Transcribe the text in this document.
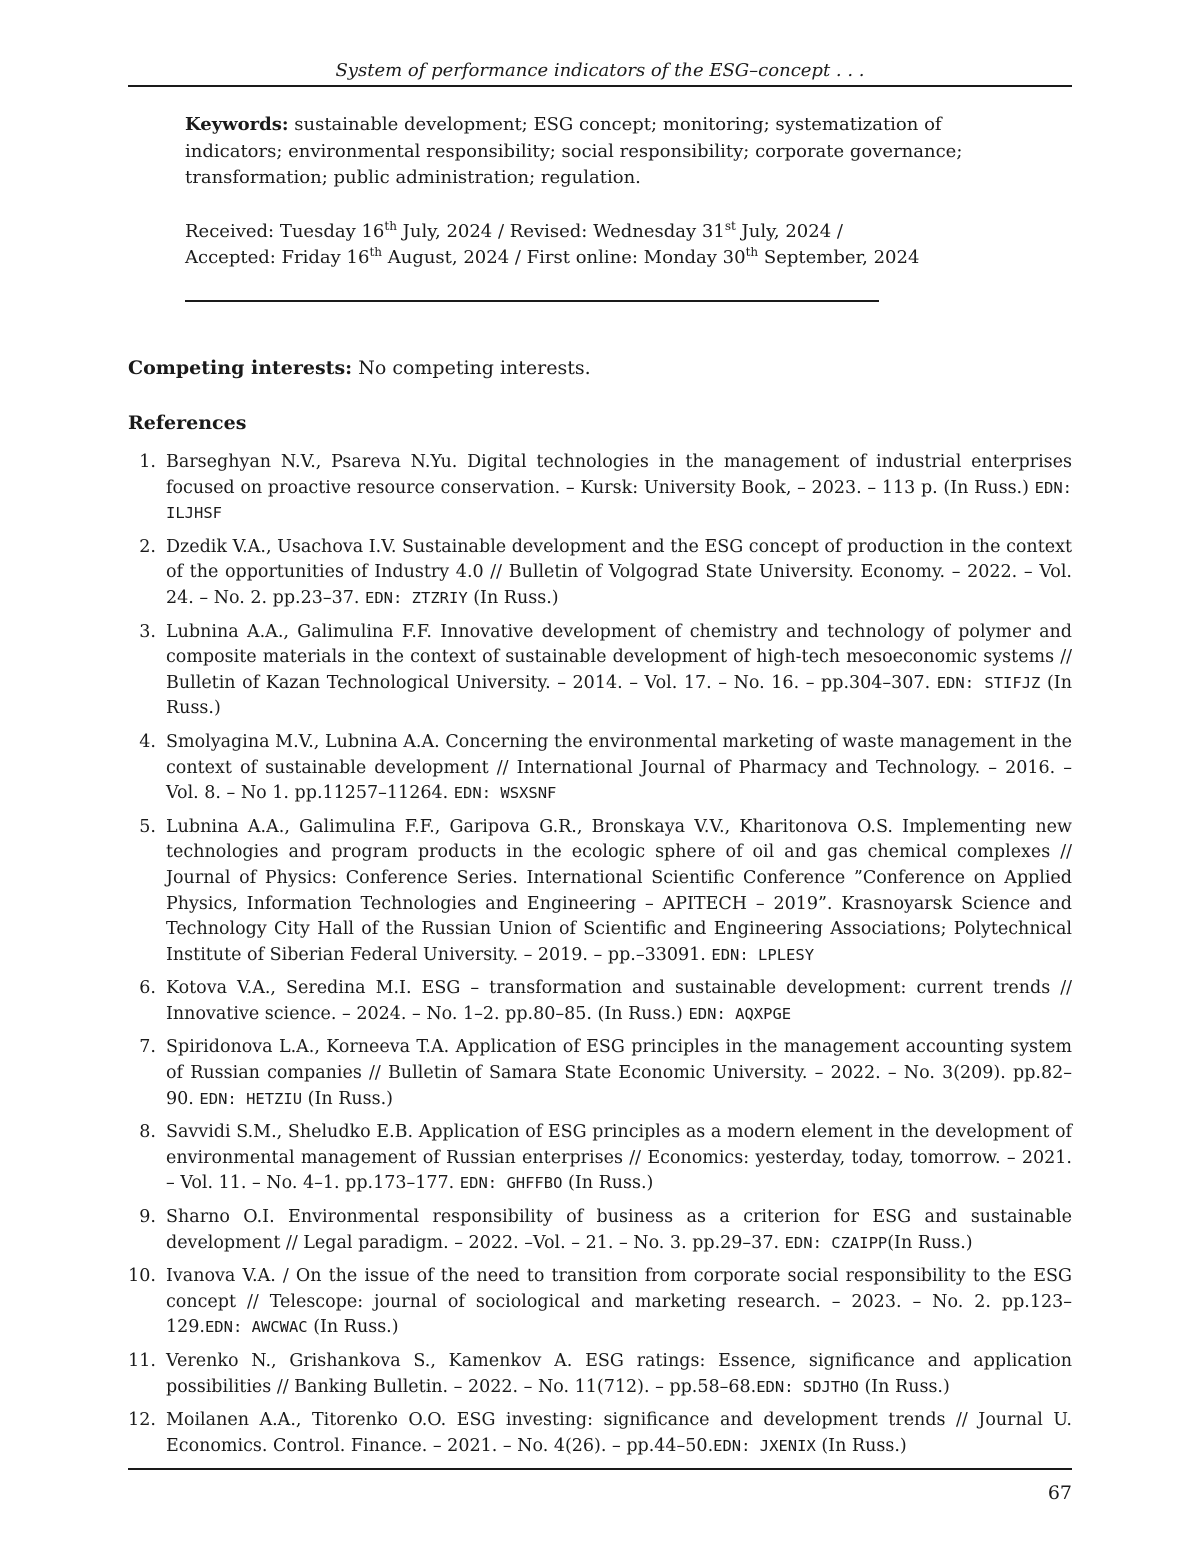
System of performance indicators of the ESG–concept . . .
Keywords: sustainable development; ESG concept; monitoring; systematization of indicators; environmental responsibility; social responsibility; corporate governance; transformation; public administration; regulation.
Received: Tuesday 16th July, 2024 / Revised: Wednesday 31st July, 2024 /
Accepted: Friday 16th August, 2024 / First online: Monday 30th September, 2024
Competing interests: No competing interests.
References
1. Barseghyan N.V., Psareva N.Yu. Digital technologies in the management of industrial enterprises focused on proactive resource conservation. – Kursk: University Book, – 2023. – 113 p. (In Russ.) EDN: ILJHSF
2. Dzedik V.A., Usachova I.V. Sustainable development and the ESG concept of production in the context of the opportunities of Industry 4.0 // Bulletin of Volgograd State University. Economy. – 2022. – Vol. 24. – No. 2. pp.23–37. EDN: ZTZRIY (In Russ.)
3. Lubnina A.A., Galimulina F.F. Innovative development of chemistry and technology of polymer and composite materials in the context of sustainable development of high-tech mesoeconomic systems // Bulletin of Kazan Technological University. – 2014. – Vol. 17. – No. 16. – pp.304–307. EDN: STIFJZ (In Russ.)
4. Smolyagina M.V., Lubnina A.A. Concerning the environmental marketing of waste management in the context of sustainable development // International Journal of Pharmacy and Technology. – 2016. – Vol. 8. – No 1. pp.11257–11264. EDN: WSXSNF
5. Lubnina A.A., Galimulina F.F., Garipova G.R., Bronskaya V.V., Kharitonova O.S. Implementing new technologies and program products in the ecologic sphere of oil and gas chemical complexes // Journal of Physics: Conference Series. International Scientific Conference ”Conference on Applied Physics, Information Technologies and Engineering – APITECH – 2019”. Krasnoyarsk Science and Technology City Hall of the Russian Union of Scientific and Engineering Associations; Polytechnical Institute of Siberian Federal University. – 2019. – pp.–33091. EDN: LPLESY
6. Kotova V.A., Seredina M.I. ESG – transformation and sustainable development: current trends // Innovative science. – 2024. – No. 1–2. pp.80–85. (In Russ.) EDN: AQXPGE
7. Spiridonova L.A., Korneeva T.A. Application of ESG principles in the management accounting system of Russian companies // Bulletin of Samara State Economic University. – 2022. – No. 3(209). pp.82–90. EDN: HETZIU (In Russ.)
8. Savvidi S.M., Sheludko E.B. Application of ESG principles as a modern element in the development of environmental management of Russian enterprises // Economics: yesterday, today, tomorrow. – 2021. – Vol. 11. – No. 4–1. pp.173–177. EDN: GHFFBO (In Russ.)
9. Sharno O.I. Environmental responsibility of business as a criterion for ESG and sustainable development // Legal paradigm. – 2022. –Vol. – 21. – No. 3. pp.29–37. EDN: CZAIPP(In Russ.)
10. Ivanova V.A. / On the issue of the need to transition from corporate social responsibility to the ESG concept // Telescope: journal of sociological and marketing research. – 2023. – No. 2. pp.123–129.EDN: AWCWAC (In Russ.)
11. Verenko N., Grishankova S., Kamenkov A. ESG ratings: Essence, significance and application possibilities // Banking Bulletin. – 2022. – No. 11(712). – pp.58–68.EDN: SDJTHO (In Russ.)
12. Moilanen A.A., Titorenko O.O. ESG investing: significance and development trends // Journal U. Economics. Control. Finance. – 2021. – No. 4(26). – pp.44–50.EDN: JXENIX (In Russ.)
67
